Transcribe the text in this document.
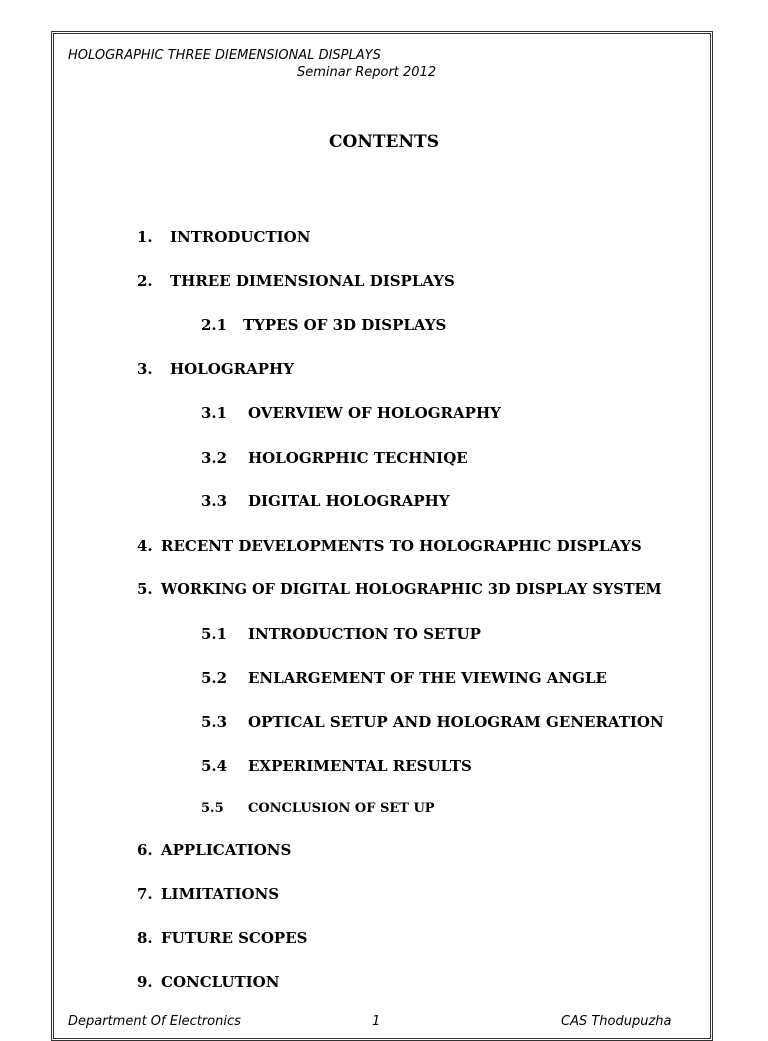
HOLOGRAPHIC THREE DIEMENSIONAL DISPLAYS
Seminar Report 2012
CONTENTS
1. INTRODUCTION
2. THREE DIMENSIONAL DISPLAYS
2.1 TYPES OF 3D DISPLAYS
3. HOLOGRAPHY
3.1 OVERVIEW OF HOLOGRAPHY
3.2 HOLOGRPHIC TECHNIQE
3.3 DIGITAL HOLOGRAPHY
4. RECENT DEVELOPMENTS TO HOLOGRAPHIC DISPLAYS
5. WORKING OF DIGITAL HOLOGRAPHIC 3D DISPLAY SYSTEM
5.1 INTRODUCTION TO SETUP
5.2 ENLARGEMENT OF THE VIEWING ANGLE
5.3 OPTICAL SETUP AND HOLOGRAM GENERATION
5.4 EXPERIMENTAL RESULTS
5.5 CONCLUSION OF SET UP
6. APPLICATIONS
7. LIMITATIONS
8. FUTURE SCOPES
9. CONCLUTION
Department Of Electronics	1	CAS Thodupuzha
